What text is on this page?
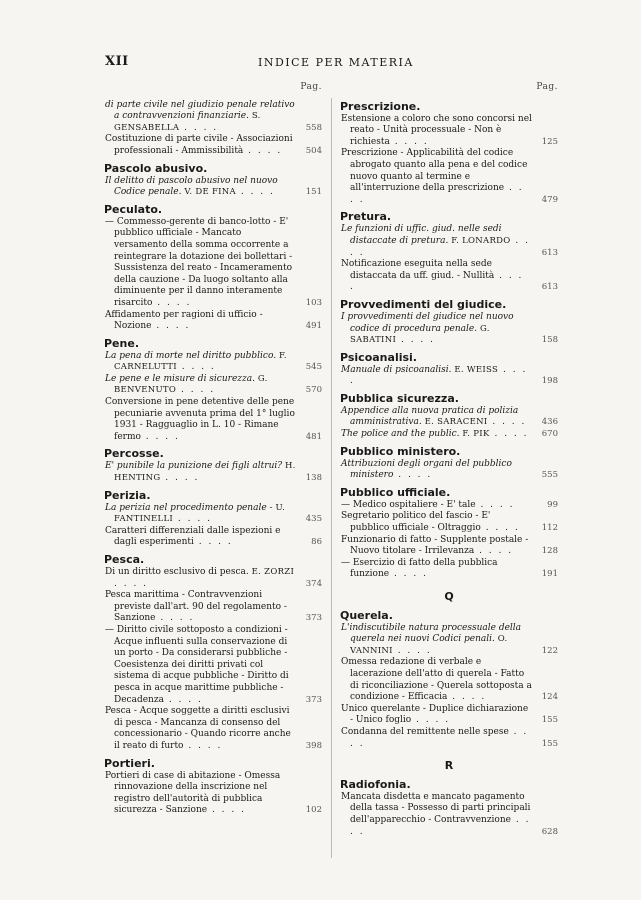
XII	INDICE PER MATERIA
Pag.
di parte civile nel giudizio penale relativo a contravvenzioni finanziarie. S. GENSABELLA . . . .	558
Costituzione di parte civile - Associazioni professionali - Ammissibilità . . . .	504
Pascolo abusivo.
Il delitto di pascolo abusivo nel nuovo Codice penale. V. DE FINA . . . .	151
Peculato.
— Commesso-gerente di banco-lotto - E' pubblico ufficiale - Mancato versamento della somma occorrente a reintegrare la dotazione dei bollettari - Sussistenza del reato - Incameramento della cauzione - Da luogo soltanto alla diminuente per il danno interamente risarcito . . . .	103
Affidamento per ragioni di ufficio - Nozione . . . .	491
Pene.
La pena di morte nel diritto pubblico. F. CARNELUTTI . . . .	545
Le pene e le misure di sicurezza. G. BENVENUTO . . . .	570
Conversione in pene detentive delle pene pecuniarie avvenuta prima del 1° luglio 1931 - Ragguaglio in L. 10 - Rimane fermo . . . .	481
Percosse.
E' punibile la punizione dei figli altrui? H. HENTING . . . .	138
Perizia.
La perizia nel procedimento penale - U. FANTINELLI . . . .	435
Caratteri differenziali dalle ispezioni e dagli esperimenti . . . .	86
Pesca.
Di un diritto esclusivo di pesca. E. ZORZI . . . .	374
Pesca marittima - Contravvenzioni previste dall'art. 90 del regolamento - Sanzione . . . .	373
— Diritto civile sottoposto a condizioni - Acque influenti sulla conservazione di un porto - Da considerarsi pubbliche - Coesistenza dei diritti privati col sistema di acque pubbliche - Diritto di pesca in acque marittime pubbliche - Decadenza . . . .	373
Pesca - Acque soggette a diritti esclusivi di pesca - Mancanza di consenso del concessionario - Quando ricorre anche il reato di furto . . . .	398
Portieri.
Portieri di case di abitazione - Omessa rinnovazione della inscrizione nel registro dell'autorità di pubblica sicurezza - Sanzione . . . .	102
Pag.
Prescrizione.
Estensione a coloro che sono concorsi nel reato - Unità processuale - Non è richiesta . . . .	125
Prescrizione - Applicabilità del codice abrogato quanto alla pena e del codice nuovo quanto al termine e all'interruzione della prescrizione . . . .	479
Pretura.
Le funzioni di uffic. giud. nelle sedi distaccate di pretura. F. LONARDO . . . .	613
Notificazione eseguita nella sede distaccata da uff. giud. - Nullità . . . .	613
Provvedimenti del giudice.
I provvedimenti del giudice nel nuovo codice di procedura penale. G. SABATINI . . . .	158
Psicoanalisi.
Manuale di psicoanalisi. E. WEISS . . . .	198
Pubblica sicurezza.
Appendice alla nuova pratica di polizia amministrativa. E. SARACENI . . . . 436
The police and the public. F. PIK . . . . 670
Pubblico ministero.
Attribuzioni degli organi del pubblico ministero . . . .	555
Pubblico ufficiale.
— Medico ospitaliere - E' tale . . . .	99
Segretario politico del fascio - E' pubblico ufficiale - Oltraggio . . . .	112
Funzionario di fatto - Supplente postale - Nuovo titolare - Irrilevanza . . . .	128
— Esercizio di fatto della pubblica funzione . . . .	191
Q
Querela.
L'indiscutibile natura processuale della querela nei nuovi Codici penali. O. VANNINI . . . .	122
Omessa redazione di verbale e lacerazione dell'atto di querela - Fatto di riconciliazione - Querela sottoposta a condizione - Efficacia . . . .	124
Unico querelante - Duplice dichiarazione - Unico foglio . . . .	155
Condanna del remittente nelle spese . . . .	155
R
Radiofonia.
Mancata disdetta e mancato pagamento della tassa - Possesso di parti principali dell'apparecchio - Contravvenzione . . . .	628
